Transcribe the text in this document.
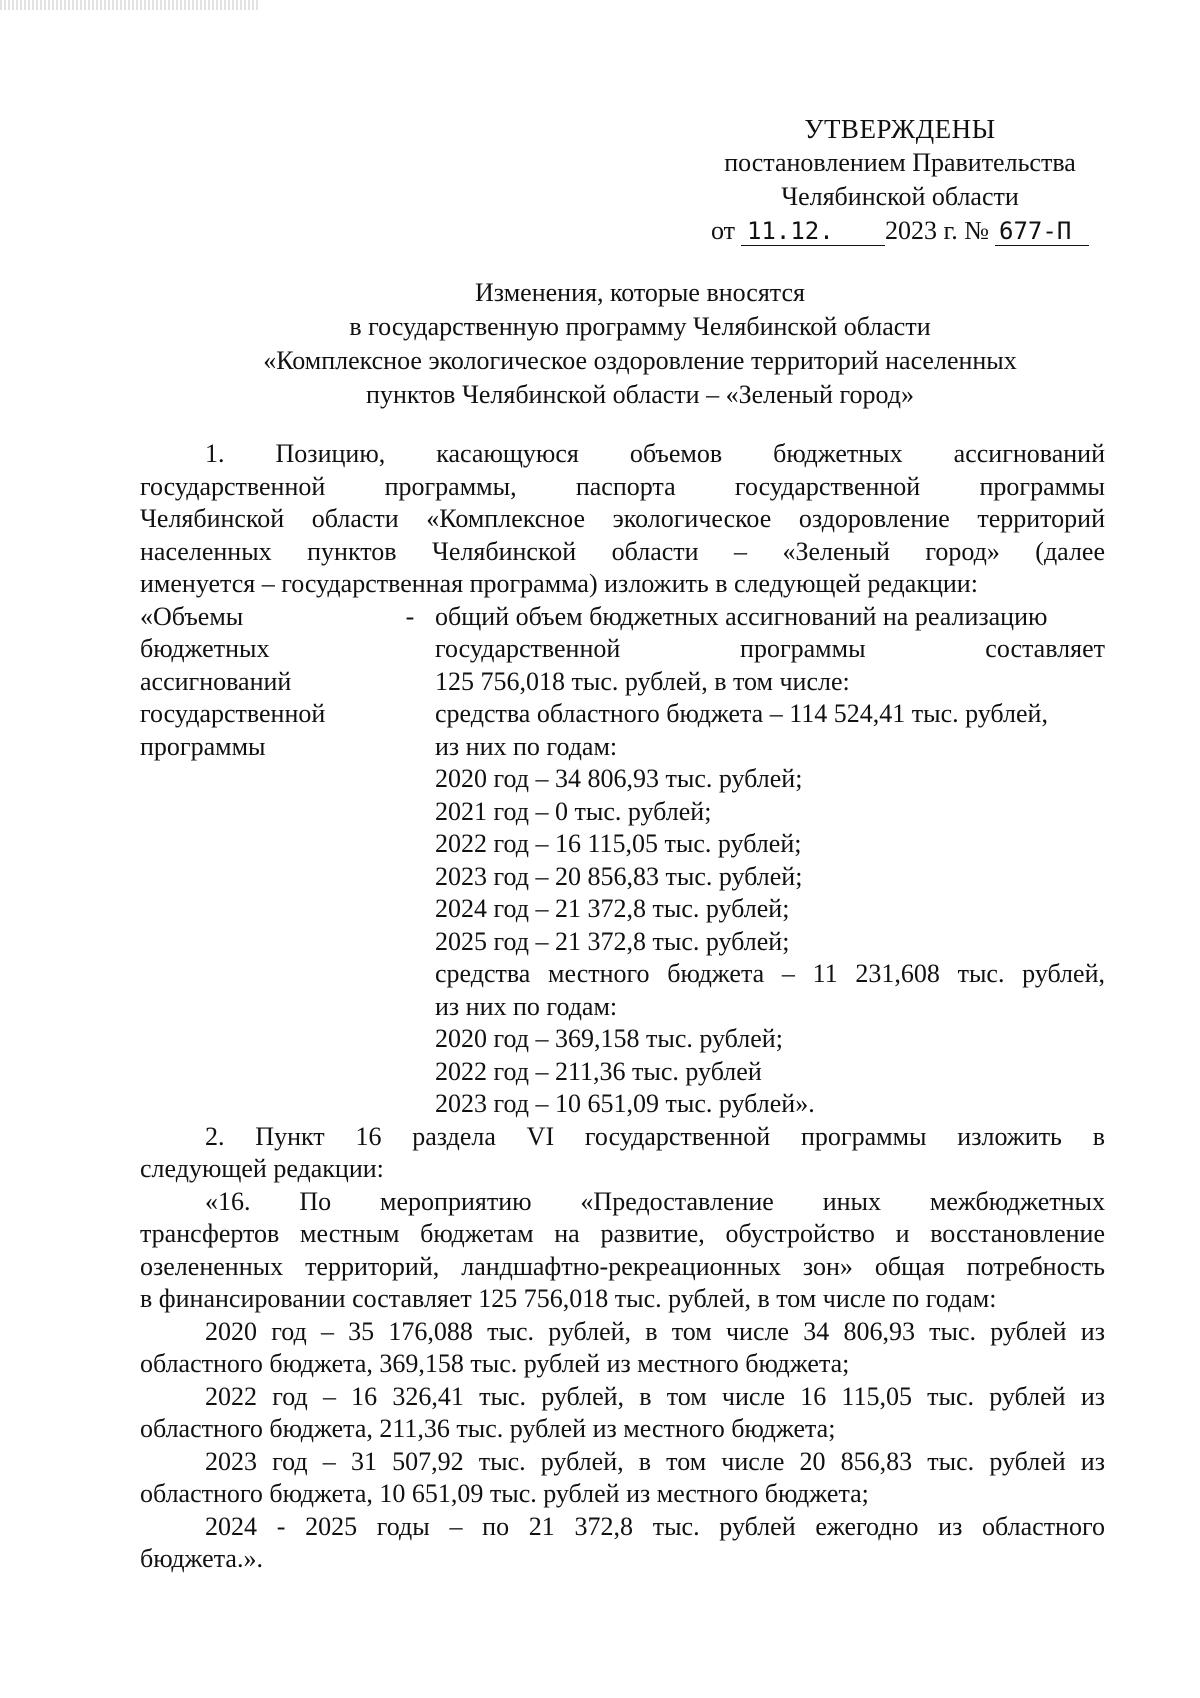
УТВЕРЖДЕНЫ
постановлением Правительства
Челябинской области
от 11.12.	2023 г. № 677-П
Изменения, которые вносятся
в государственную программу Челябинской области
«Комплексное экологическое оздоровление территорий населенных
пунктов Челябинской области – «Зеленый город»
1. Позицию, касающуюся объемов бюджетных ассигнований
государственной программы, паспорта государственной программы
Челябинской области «Комплексное экологическое оздоровление территорий
населенных пунктов Челябинской области – «Зеленый город» (далее
именуется – государственная программа) изложить в следующей редакции:
«Объемы
бюджетных
ассигнований
государственной
программы
- общий объем бюджетных ассигнований на реализацию
государственной программы составляет
125 756,018 тыс. рублей, в том числе:
средства областного бюджета – 114 524,41 тыс. рублей,
из них по годам:
2020 год – 34 806,93 тыс. рублей;
2021 год – 0 тыс. рублей;
2022 год – 16 115,05 тыс. рублей;
2023 год – 20 856,83 тыс. рублей;
2024 год – 21 372,8 тыс. рублей;
2025 год – 21 372,8 тыс. рублей;
средства местного бюджета – 11 231,608 тыс. рублей,
из них по годам:
2020 год – 369,158 тыс. рублей;
2022 год – 211,36 тыс. рублей
2023 год – 10 651,09 тыс. рублей».
2. Пункт 16 раздела VI государственной программы изложить в
следующей редакции:
«16. По мероприятию «Предоставление иных межбюджетных
трансфертов местным бюджетам на развитие, обустройство и восстановление
озелененных территорий, ландшафтно-рекреационных зон» общая потребность
в финансировании составляет 125 756,018 тыс. рублей, в том числе по годам:
2020 год – 35 176,088 тыс. рублей, в том числе 34 806,93 тыс. рублей из
областного бюджета, 369,158 тыс. рублей из местного бюджета;
2022 год – 16 326,41 тыс. рублей, в том числе 16 115,05 тыс. рублей из
областного бюджета, 211,36 тыс. рублей из местного бюджета;
2023 год – 31 507,92 тыс. рублей, в том числе 20 856,83 тыс. рублей из
областного бюджета, 10 651,09 тыс. рублей из местного бюджета;
2024 - 2025 годы – по 21 372,8 тыс. рублей ежегодно из областного
бюджета.».
